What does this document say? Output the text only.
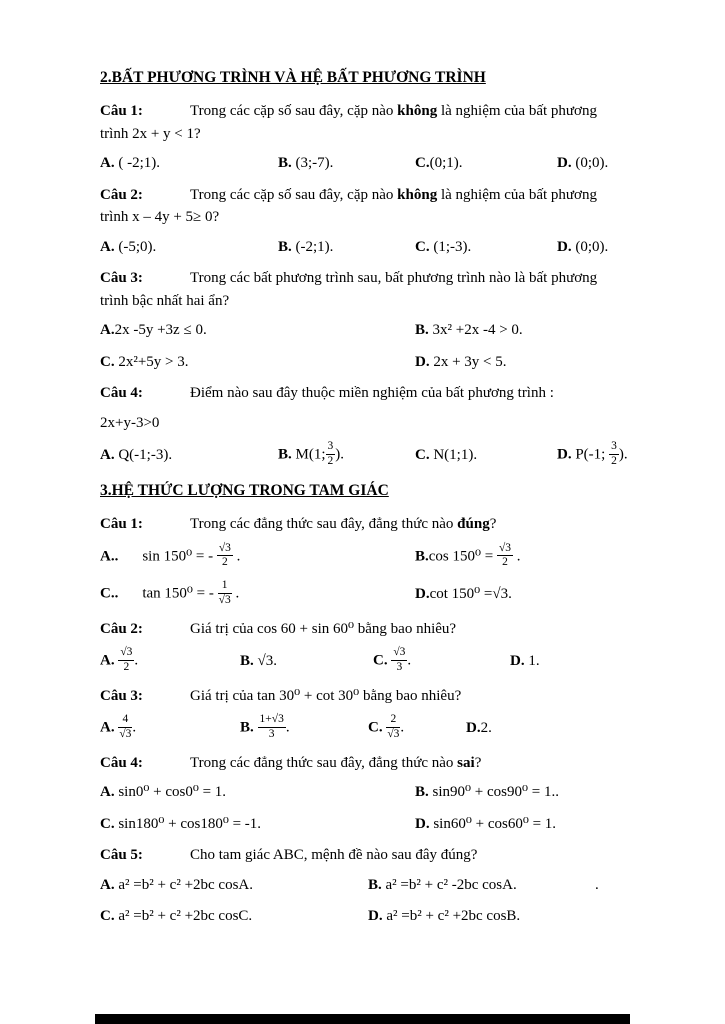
2.BẤT PHƯƠNG TRÌNH VÀ HỆ BẤT PHƯƠNG TRÌNH

Câu 1:	Trong các cặp số sau đây, cặp nào không là nghiệm của bất phương trình 2x + y < 1?

A. ( -2;1).	B. (3;-7).	C.(0;1).	D. (0;0).

Câu 2:	Trong các cặp số sau đây, cặp nào không là nghiệm của bất phương trình x – 4y + 5≥ 0?

A. (-5;0).	B. (-2;1).	C. (1;-3).	D. (0;0).

Câu 3:	Trong các bất phương trình sau, bất phương trình nào là bất phương trình bậc nhất hai ẩn?

A.2x -5y +3z ≤ 0.	B. 3x² +2x -4 > 0.
C. 2x²+5y > 3.	D. 2x + 3y < 5.

Câu 4:	Điểm nào sau đây thuộc miền nghiệm của bất phương trình :

2x+y-3>0

A. Q(-1;-3).	B. M(1; $\frac{3}{2}$ ).	C. N(1;1).	D. P(-1; $\frac{3}{2}$ ).
3.HỆ THỨC LƯỢNG TRONG TAM GIÁC

Câu 1:	Trong các đẳng thức sau đây, đẳng thức nào đúng?

A.. sin 150⁰ = - $\frac{√3}{2}$ .	B.cos $150^0 = \frac{√3}{2}$ .
C.. tan 150⁰ = - $\frac{1}{√3}$ .	D.cot 150⁰ =√3.

Câu 2:	Giá trị của cos 60 + sin 60⁰ bằng bao nhiêu?

A. $\frac{√3}{2}$ .	B. √3.	C. $\frac{√3}{3}$ .	D. 1.

Câu 3:	Giá trị của tan 30⁰ + cot 30⁰ bằng bao nhiêu?

A. $\frac{4}{√3}$ .	B. $\frac{1+√3}{3}$ .	C. $\frac{2}{√3}$ .	D.2.

Câu 4:	Trong các đẳng thức sau đây, đẳng thức nào sai?

A. sin0⁰ + cos0⁰ = 1.	B. sin90⁰ + cos90⁰ = 1..
C. sin180⁰ + cos180⁰ = -1.	D. sin60⁰ + cos60⁰ = 1.

Câu 5:	Cho tam giác ABC, mệnh đề nào sau đây đúng?

A. a² =b² + c² +2bc cosA.	B. a² =b² + c² -2bc cosA.	.
C. a² =b² + c² +2bc cosC.	D. a² =b² + c² +2bc cosB.
